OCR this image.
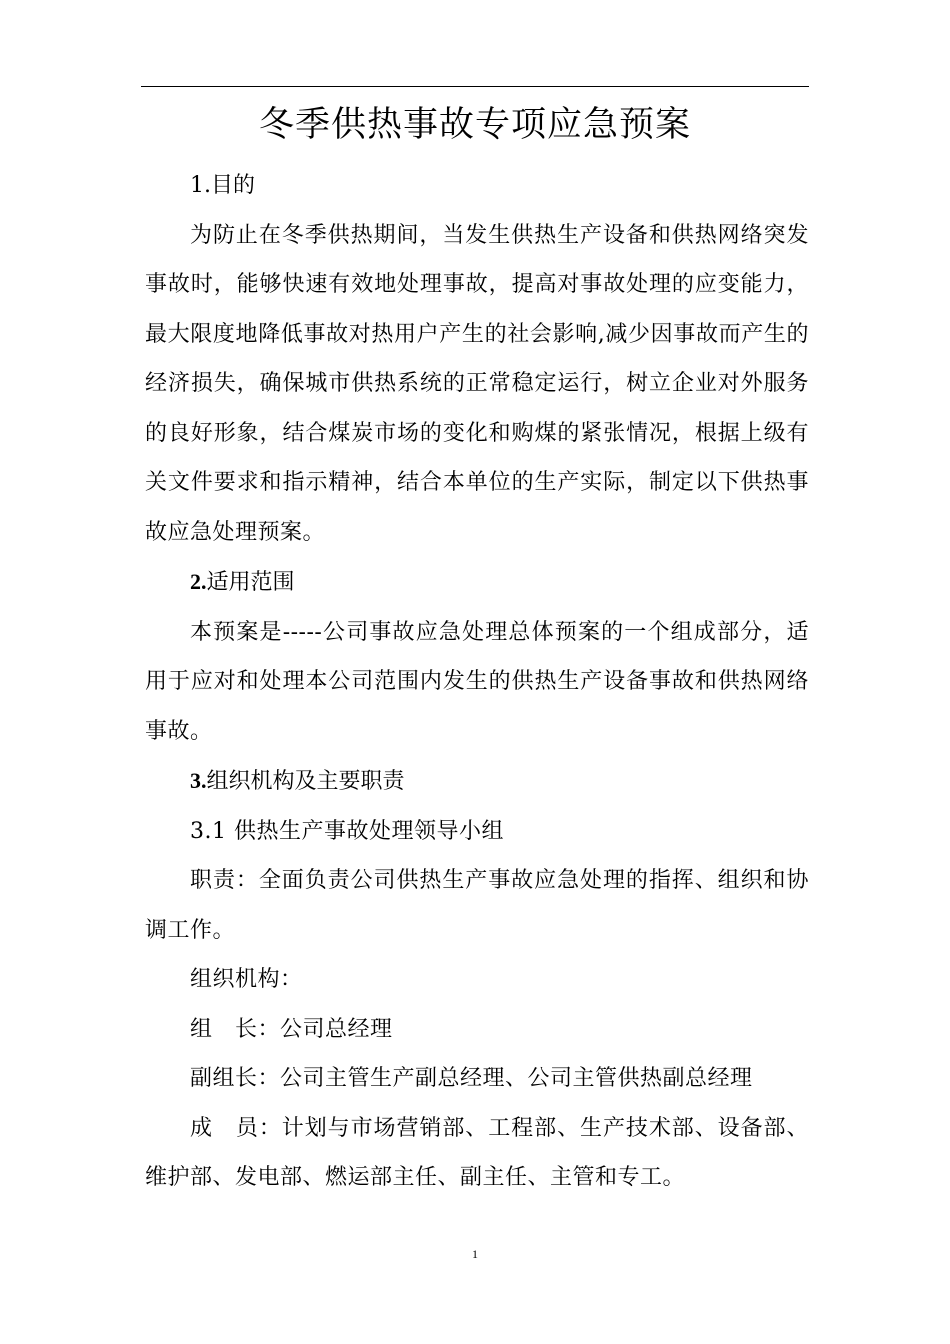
冬季供热事故专项应急预案

1.目的

为防止在冬季供热期间，当发生供热生产设备和供热网络突发事故时，能够快速有效地处理事故，提高对事故处理的应变能力，最大限度地降低事故对热用户产生的社会影响,减少因事故而产生的经济损失，确保城市供热系统的正常稳定运行，树立企业对外服务的良好形象，结合煤炭市场的变化和购煤的紧张情况，根据上级有关文件要求和指示精神，结合本单位的生产实际，制定以下供热事故应急处理预案。

2.适用范围

本预案是-----公司事故应急处理总体预案的一个组成部分，适用于应对和处理本公司范围内发生的供热生产设备事故和供热网络事故。

3.组织机构及主要职责

3.1 供热生产事故处理领导小组

职责：全面负责公司供热生产事故应急处理的指挥、组织和协调工作。

组织机构：

组　长：公司总经理

副组长：公司主管生产副总经理、公司主管供热副总经理

成　员：计划与市场营销部、工程部、生产技术部、设备部、维护部、发电部、燃运部主任、副主任、主管和专工。

1
